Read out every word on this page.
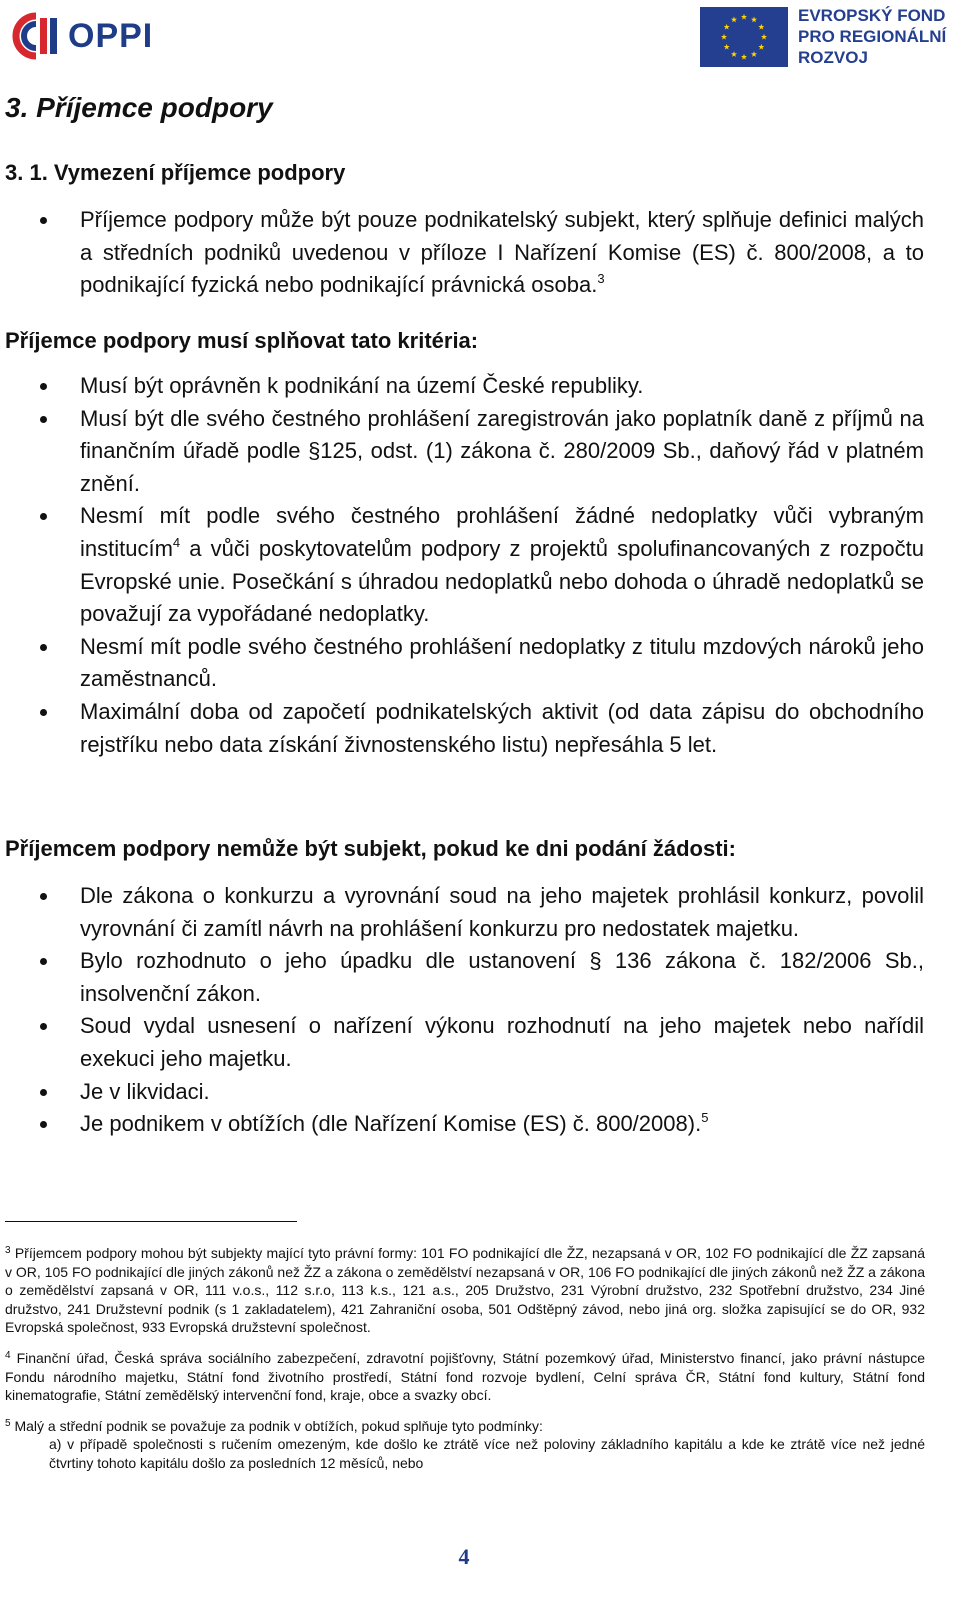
OPPI
EVROPSKÝ FOND
PRO REGIONÁLNÍ
ROZVOJ
3. Příjemce podpory
3. 1. Vymezení příjemce podpory
Příjemce podpory může být pouze podnikatelský subjekt, který splňuje definici malých a středních podniků uvedenou v příloze I Nařízení Komise (ES) č. 800/2008, a to podnikající fyzická nebo podnikající právnická osoba.$^3$
Příjemce podpory musí splňovat tato kritéria:
Musí být oprávněn k podnikání na území České republiky.
Musí být dle svého čestného prohlášení zaregistrován jako poplatník daně z příjmů na finančním úřadě podle §125, odst. (1) zákona č. 280/2009 Sb., daňový řád v platném znění.
Nesmí mít podle svého čestného prohlášení žádné nedoplatky vůči vybraným institucím$^4$ a vůči poskytovatelům podpory z projektů spolufinancovaných z rozpočtu Evropské unie. Posečkání s úhradou nedoplatků nebo dohoda o úhradě nedoplatků se považují za vypořádané nedoplatky.
Nesmí mít podle svého čestného prohlášení nedoplatky z titulu mzdových nároků jeho zaměstnanců.
Maximální doba od započetí podnikatelských aktivit (od data zápisu do obchodního rejstříku nebo data získání živnostenského listu) nepřesáhla 5 let.
Příjemcem podpory nemůže být subjekt, pokud ke dni podání žádosti:
Dle zákona o konkurzu a vyrovnání soud na jeho majetek prohlásil konkurz, povolil vyrovnání či zamítl návrh na prohlášení konkurzu pro nedostatek majetku.
Bylo rozhodnuto o jeho úpadku dle ustanovení § 136 zákona č. 182/2006 Sb., insolvenční zákon.
Soud vydal usnesení o nařízení výkonu rozhodnutí na jeho majetek nebo nařídil exekuci jeho majetku.
Je v likvidaci.
Je podnikem v obtížích (dle Nařízení Komise (ES) č. 800/2008).$^5$

$^3$ Příjemcem podpory mohou být subjekty mající tyto právní formy: 101 FO podnikající dle ŽZ, nezapsaná v OR, 102 FO podnikající dle ŽZ zapsaná v OR, 105 FO podnikající dle jiných zákonů než ŽZ a zákona o zemědělství nezapsaná v OR, 106 FO podnikající dle jiných zákonů než ŽZ a zákona o zemědělství zapsaná v OR, 111 v.o.s., 112 s.r.o, 113 k.s., 121 a.s., 205 Družstvo, 231 Výrobní družstvo, 232 Spotřební družstvo, 234 Jiné družstvo, 241 Družstevní podnik (s 1 zakladatelem), 421 Zahraniční osoba, 501 Odštěpný závod, nebo jiná org. složka zapisující se do OR, 932 Evropská společnost, 933 Evropská družstevní společnost.

$^4$ Finanční úřad, Česká správa sociálního zabezpečení, zdravotní pojišťovny, Státní pozemkový úřad, Ministerstvo financí, jako právní nástupce Fondu národního majetku, Státní fond životního prostředí, Státní fond rozvoje bydlení, Celní správa ČR, Státní fond kultury, Státní fond kinematografie, Státní zemědělský intervenční fond, kraje, obce a svazky obcí.

$^5$ Malý a střední podnik se považuje za podnik v obtížích, pokud splňuje tyto podmínky:

a) v případě společnosti s ručením omezeným, kde došlo ke ztrátě více než poloviny základního kapitálu a kde ke ztrátě více než jedné čtvrtiny tohoto kapitálu došlo za posledních 12 měsíců, nebo

4
